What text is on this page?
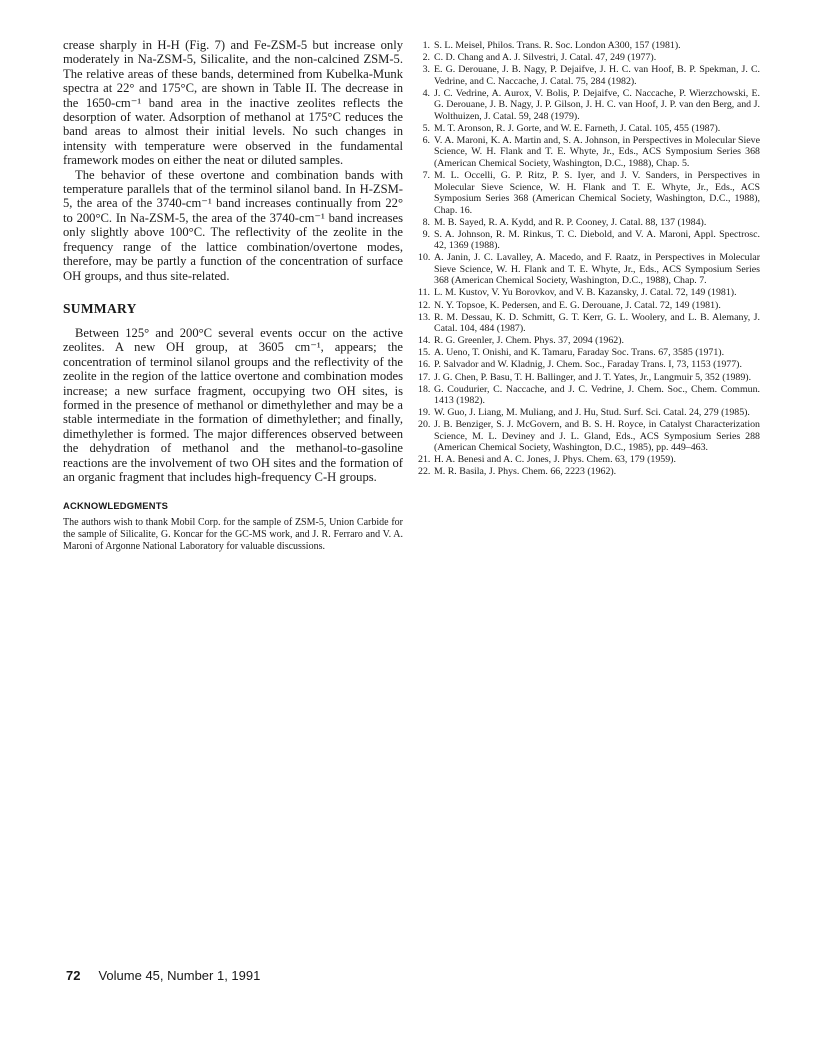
crease sharply in H-H (Fig. 7) and Fe-ZSM-5 but increase only moderately in Na-ZSM-5, Silicalite, and the non-calcined ZSM-5. The relative areas of these bands, determined from Kubelka-Munk spectra at 22° and 175°C, are shown in Table II. The decrease in the 1650-cm⁻¹ band area in the inactive zeolites reflects the desorption of water. Adsorption of methanol at 175°C reduces the band areas to almost their initial levels. No such changes in intensity with temperature were observed in the fundamental framework modes on either the neat or diluted samples.

The behavior of these overtone and combination bands with temperature parallels that of the terminol silanol band. In H-ZSM-5, the area of the 3740-cm⁻¹ band increases continually from 22° to 200°C. In Na-ZSM-5, the area of the 3740-cm⁻¹ band increases only slightly above 100°C. The reflectivity of the zeolite in the frequency range of the lattice combination/overtone modes, therefore, may be partly a function of the concentration of surface OH groups, and thus site-related.

SUMMARY

Between 125° and 200°C several events occur on the active zeolites. A new OH group, at 3605 cm⁻¹, appears; the concentration of terminol silanol groups and the reflectivity of the zeolite in the region of the lattice overtone and combination modes increase; a new surface fragment, occupying two OH sites, is formed in the presence of methanol or dimethylether and may be a stable intermediate in the formation of dimethylether; and finally, dimethylether is formed. The major differences observed between the dehydration of methanol and the methanol-to-gasoline reactions are the involvement of two OH sites and the formation of an organic fragment that includes high-frequency C-H groups.

ACKNOWLEDGMENTS

The authors wish to thank Mobil Corp. for the sample of ZSM-5, Union Carbide for the sample of Silicalite, G. Koncar for the GC-MS work, and J. R. Ferraro and V. A. Maroni of Argonne National Laboratory for valuable discussions.

1. S. L. Meisel, Philos. Trans. R. Soc. London A300, 157 (1981).
2. C. D. Chang and A. J. Silvestri, J. Catal. 47, 249 (1977).
3. E. G. Derouane, J. B. Nagy, P. Dejaifve, J. H. C. van Hoof, B. P. Spekman, J. C. Vedrine, and C. Naccache, J. Catal. 75, 284 (1982).
4. J. C. Vedrine, A. Aurox, V. Bolis, P. Dejaifve, C. Naccache, P. Wierzchowski, E. G. Derouane, J. B. Nagy, J. P. Gilson, J. H. C. van Hoof, J. P. van den Berg, and J. Wolthuizen, J. Catal. 59, 248 (1979).
5. M. T. Aronson, R. J. Gorte, and W. E. Farneth, J. Catal. 105, 455 (1987).
6. V. A. Maroni, K. A. Martin and, S. A. Johnson, in Perspectives in Molecular Sieve Science, W. H. Flank and T. E. Whyte, Jr., Eds., ACS Symposium Series 368 (American Chemical Society, Washington, D.C., 1988), Chap. 5.
7. M. L. Occelli, G. P. Ritz, P. S. Iyer, and J. V. Sanders, in Perspectives in Molecular Sieve Science, W. H. Flank and T. E. Whyte, Jr., Eds., ACS Symposium Series 368 (American Chemical Society, Washington, D.C., 1988), Chap. 16.
8. M. B. Sayed, R. A. Kydd, and R. P. Cooney, J. Catal. 88, 137 (1984).
9. S. A. Johnson, R. M. Rinkus, T. C. Diebold, and V. A. Maroni, Appl. Spectrosc. 42, 1369 (1988).
10. A. Janin, J. C. Lavalley, A. Macedo, and F. Raatz, in Perspectives in Molecular Sieve Science, W. H. Flank and T. E. Whyte, Jr., Eds., ACS Symposium Series 368 (American Chemical Society, Washington, D.C., 1988), Chap. 7.
11. L. M. Kustov, V. Yu Borovkov, and V. B. Kazansky, J. Catal. 72, 149 (1981).
12. N. Y. Topsoe, K. Pedersen, and E. G. Derouane, J. Catal. 72, 149 (1981).
13. R. M. Dessau, K. D. Schmitt, G. T. Kerr, G. L. Woolery, and L. B. Alemany, J. Catal. 104, 484 (1987).
14. R. G. Greenler, J. Chem. Phys. 37, 2094 (1962).
15. A. Ueno, T. Onishi, and K. Tamaru, Faraday Soc. Trans. 67, 3585 (1971).
16. P. Salvador and W. Kladnig, J. Chem. Soc., Faraday Trans. I, 73, 1153 (1977).
17. J. G. Chen, P. Basu, T. H. Ballinger, and J. T. Yates, Jr., Langmuir 5, 352 (1989).
18. G. Coudurier, C. Naccache, and J. C. Vedrine, J. Chem. Soc., Chem. Commun. 1413 (1982).
19. W. Guo, J. Liang, M. Muliang, and J. Hu, Stud. Surf. Sci. Catal. 24, 279 (1985).
20. J. B. Benziger, S. J. McGovern, and B. S. H. Royce, in Catalyst Characterization Science, M. L. Deviney and J. L. Gland, Eds., ACS Symposium Series 288 (American Chemical Society, Washington, D.C., 1985), pp. 449–463.
21. H. A. Benesi and A. C. Jones, J. Phys. Chem. 63, 179 (1959).
22. M. R. Basila, J. Phys. Chem. 66, 2223 (1962).
72 Volume 45, Number 1, 1991
